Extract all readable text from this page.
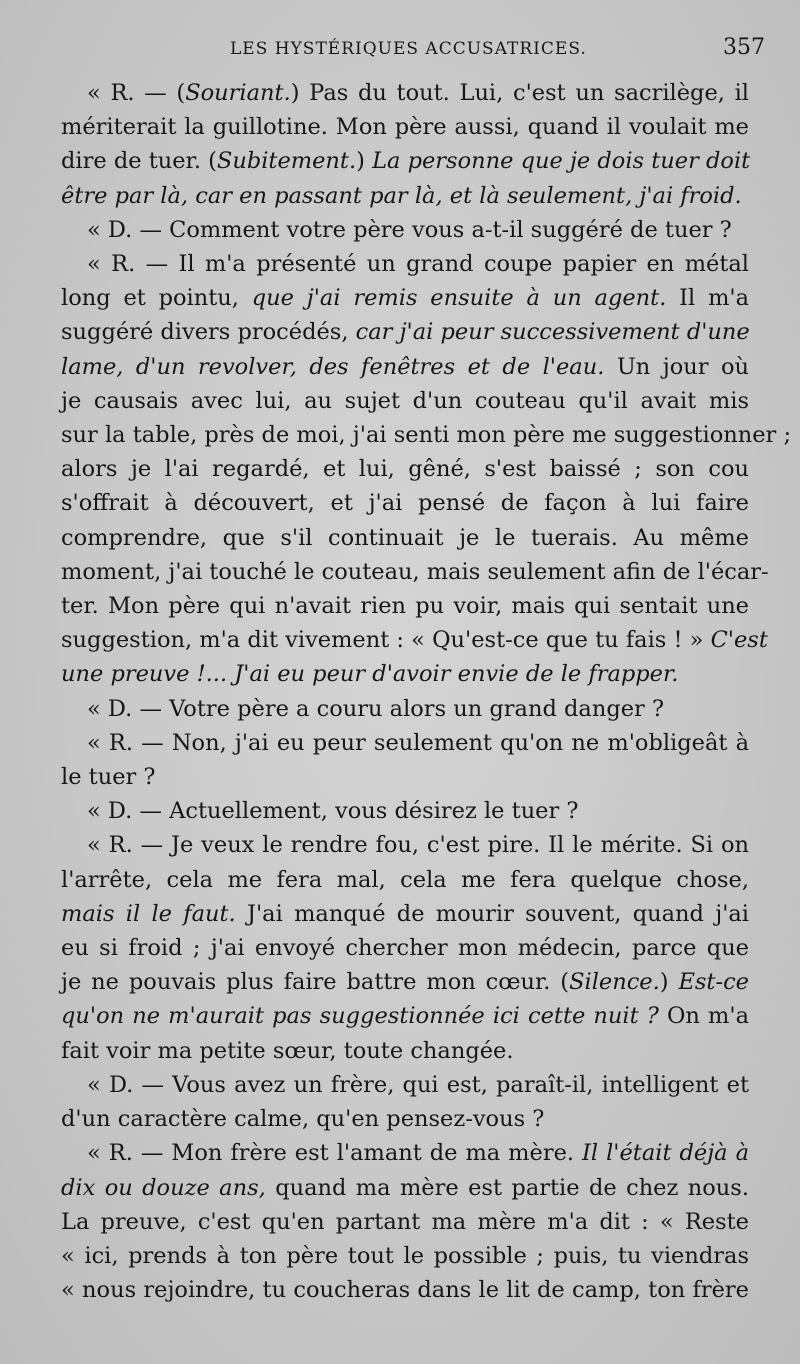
LES HYSTÉRIQUES ACCUSATRICES.	357
« R. — (Souriant.) Pas du tout. Lui, c'est un sacrilège, il
mériterait la guillotine. Mon père aussi, quand il voulait me
dire de tuer. (Subitement.) La personne que je dois tuer doit
être par là, car en passant par là, et là seulement, j'ai froid.
« D. — Comment votre père vous a-t-il suggéré de tuer ?
« R. — Il m'a présenté un grand coupe papier en métal
long et pointu, que j'ai remis ensuite à un agent. Il m'a
suggéré divers procédés, car j'ai peur successivement d'une
lame, d'un revolver, des fenêtres et de l'eau. Un jour où
je causais avec lui, au sujet d'un couteau qu'il avait mis
sur la table, près de moi, j'ai senti mon père me suggestionner ;
alors je l'ai regardé, et lui, gêné, s'est baissé ; son cou
s'offrait à découvert, et j'ai pensé de façon à lui faire
comprendre, que s'il continuait je le tuerais. Au même
moment, j'ai touché le couteau, mais seulement afin de l'écar-
ter. Mon père qui n'avait rien pu voir, mais qui sentait une
suggestion, m'a dit vivement : « Qu'est-ce que tu fais ! » C'est
une preuve !... J'ai eu peur d'avoir envie de le frapper.
« D. — Votre père a couru alors un grand danger ?
« R. — Non, j'ai eu peur seulement qu'on ne m'obligeât à
le tuer ?
« D. — Actuellement, vous désirez le tuer ?
« R. — Je veux le rendre fou, c'est pire. Il le mérite. Si on
l'arrête, cela me fera mal, cela me fera quelque chose,
mais il le faut. J'ai manqué de mourir souvent, quand j'ai
eu si froid ; j'ai envoyé chercher mon médecin, parce que
je ne pouvais plus faire battre mon cœur. (Silence.) Est-ce
qu'on ne m'aurait pas suggestionnée ici cette nuit ? On m'a
fait voir ma petite sœur, toute changée.
« D. — Vous avez un frère, qui est, paraît-il, intelligent et
d'un caractère calme, qu'en pensez-vous ?
« R. — Mon frère est l'amant de ma mère. Il l'était déjà à
dix ou douze ans, quand ma mère est partie de chez nous.
La preuve, c'est qu'en partant ma mère m'a dit : « Reste
« ici, prends à ton père tout le possible ; puis, tu viendras
« nous rejoindre, tu coucheras dans le lit de camp, ton frère
